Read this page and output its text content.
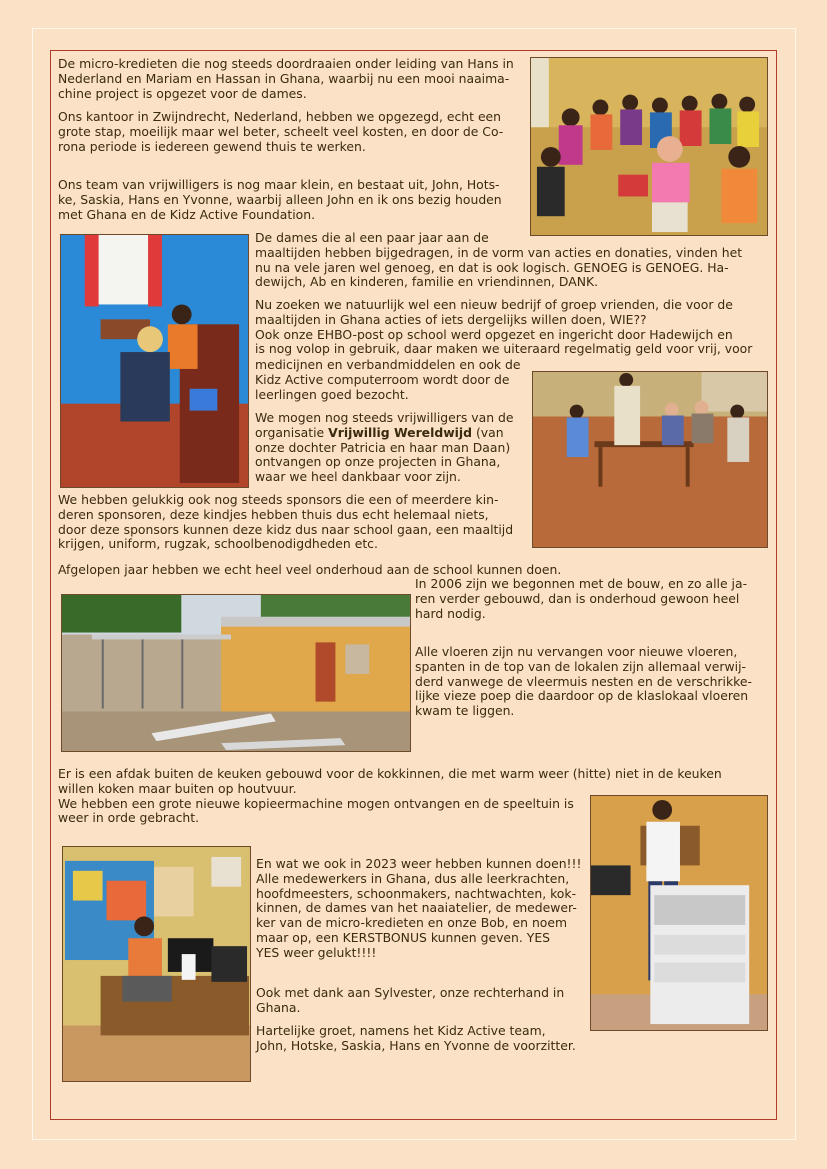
De micro-kredieten die nog steeds doordraaien onder leiding van Hans in
Nederland en Mariam en Hassan in Ghana, waarbij nu een mooi naaima-
chine project is opgezet voor de dames.

Ons kantoor in Zwijndrecht, Nederland, hebben we opgezegd, echt een
grote stap, moeilijk maar wel beter, scheelt veel kosten, en door de Co-
rona periode is iedereen gewend thuis te werken.

Ons team van vrijwilligers is nog maar klein, en bestaat uit, John, Hots-
ke, Saskia, Hans en Yvonne, waarbij alleen John en ik ons bezig houden
met Ghana en de Kidz Active Foundation.

De dames die al een paar jaar aan de
maaltijden hebben bijgedragen, in de vorm van acties en donaties, vinden het
nu na vele jaren wel genoeg, en dat is ook logisch. GENOEG is GENOEG. Ha-
dewijch, Ab en kinderen, familie en vriendinnen, DANK.

Nu zoeken we natuurlijk wel een nieuw bedrijf of groep vrienden, die voor de
maaltijden in Ghana acties of iets dergelijks willen doen, WIE??
Ook onze EHBO-post op school werd opgezet en ingericht door Hadewijch en
is nog volop in gebruik, daar maken we uiteraard regelmatig geld voor vrij, voor

medicijnen en verbandmiddelen en ook de
Kidz Active computerroom wordt door de
leerlingen goed bezocht.

We mogen nog steeds vrijwilligers van de
organisatie Vrijwillig Wereldwijd (van
onze dochter Patricia en haar man Daan)
ontvangen op onze projecten in Ghana,
waar we heel dankbaar voor zijn.

We hebben gelukkig ook nog steeds sponsors die een of meerdere kin-
deren sponsoren, deze kindjes hebben thuis dus echt helemaal niets,
door deze sponsors kunnen deze kidz dus naar school gaan, een maaltijd
krijgen, uniform, rugzak, schoolbenodigdheden etc.

Afgelopen jaar hebben we echt heel veel onderhoud aan de school kunnen doen.

In 2006 zijn we begonnen met de bouw, en zo alle ja-
ren verder gebouwd, dan is onderhoud gewoon heel
hard nodig.

Alle vloeren zijn nu vervangen voor nieuwe vloeren,
spanten in de top van de lokalen zijn allemaal verwij-
derd vanwege de vleermuis nesten en de verschrikke-
lijke vieze poep die daardoor op de klaslokaal vloeren
kwam te liggen.

Er is een afdak buiten de keuken gebouwd voor de kokkinnen, die met warm weer (hitte) niet in de keuken
willen koken maar buiten op houtvuur.
We hebben een grote nieuwe kopieermachine mogen ontvangen en de speeltuin is
weer in orde gebracht.

En wat we ook in 2023 weer hebben kunnen doen!!!
Alle medewerkers in Ghana, dus alle leerkrachten,
hoofdmeesters, schoonmakers, nachtwachten, kok-
kinnen, de dames van het naaiatelier, de medewer-
ker van de micro-kredieten en onze Bob, en noem
maar op, een KERSTBONUS kunnen geven. YES
YES weer gelukt!!!!

Ook met dank aan Sylvester, onze rechterhand in
Ghana.

Hartelijke groet, namens het Kidz Active team,
John, Hotske, Saskia, Hans en Yvonne de voorzitter.
